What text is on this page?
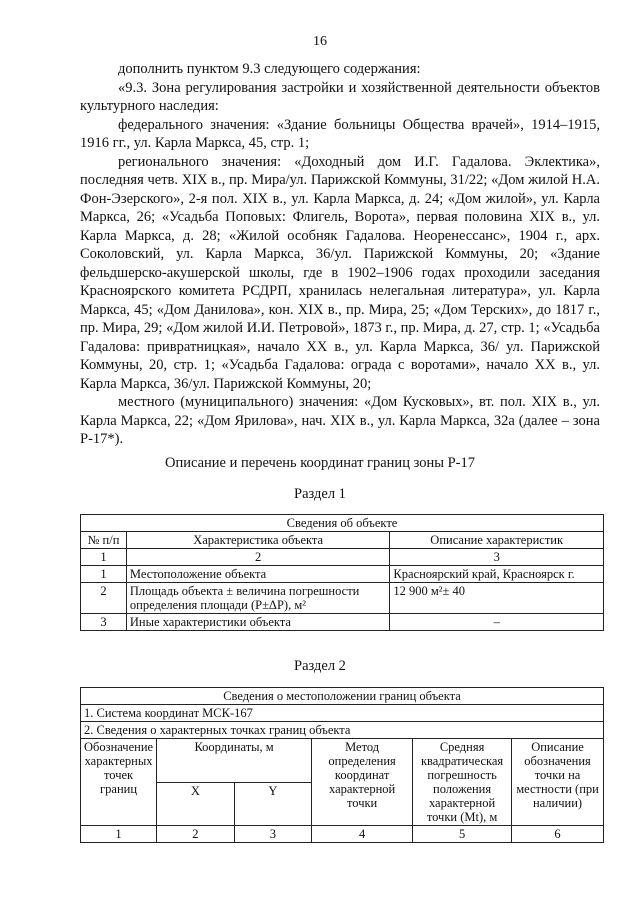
16

дополнить пунктом 9.3 следующего содержания:

«9.3. Зона регулирования застройки и хозяйственной деятельности объектов культурного наследия:

федерального значения: «Здание больницы Общества врачей», 1914–1915, 1916 гг., ул. Карла Маркса, 45, стр. 1;

регионального значения: «Доходный дом И.Г. Гадалова. Эклектика», последняя четв. XIX в., пр. Мира/ул. Парижской Коммуны, 31/22; «Дом жилой Н.А. Фон-Эзерского», 2-я пол. XIX в., ул. Карла Маркса, д. 24; «Дом жилой», ул. Карла Маркса, 26; «Усадьба Поповых: Флигель, Ворота», первая половина XIX в., ул. Карла Маркса, д. 28; «Жилой особняк Гадалова. Неоренессанс», 1904 г., арх. Соколовский, ул. Карла Маркса, 36/ул. Парижской Коммуны, 20; «Здание фельдшерско-акушерской школы, где в 1902–1906 годах проходили заседания Красноярского комитета РСДРП, хранилась нелегальная литература», ул. Карла Маркса, 45; «Дом Данилова», кон. XIX в., пр. Мира, 25; «Дом Терских», до 1817 г., пр. Мира, 29; «Дом жилой И.И. Петровой», 1873 г., пр. Мира, д. 27, стр. 1; «Усадьба Гадалова: привратницкая», начало XX в., ул. Карла Маркса, 36/ ул. Парижской Коммуны, 20, стр. 1; «Усадьба Гадалова: ограда с воротами», начало XX в., ул. Карла Маркса, 36/ул. Парижской Коммуны, 20;

местного (муниципального) значения: «Дом Кусковых», вт. пол. XIX в., ул. Карла Маркса, 22; «Дом Ярилова», нач. XIX в., ул. Карла Маркса, 32а (далее – зона Р-17*).

Описание и перечень координат границ зоны Р-17
Раздел 1
Сведения об объекте		
№ п/п	Характеристика объекта	Описание характеристик
1	2	3
1	Местоположение объекта	Красноярский край, Красноярск г.
2	Площадь объекта ± величина погрешности определения площади (Р±ΔР), м²	12 900 м²± 40
3	Иные характеристики объекта	–
Раздел 2
Сведения о местоположении границ объекта					
1. Система координат МСК-167					
2. Сведения о характерных точках границ объекта					
Обозначение характерных точек границ	Координаты, м		Метод определения координат характерной точки	Средняя квадратическая погрешность положения характерной точки (Mt), м	Описание обозначения точки на местности (при наличии)
	X	Y			
1	2	3	4	5	6
